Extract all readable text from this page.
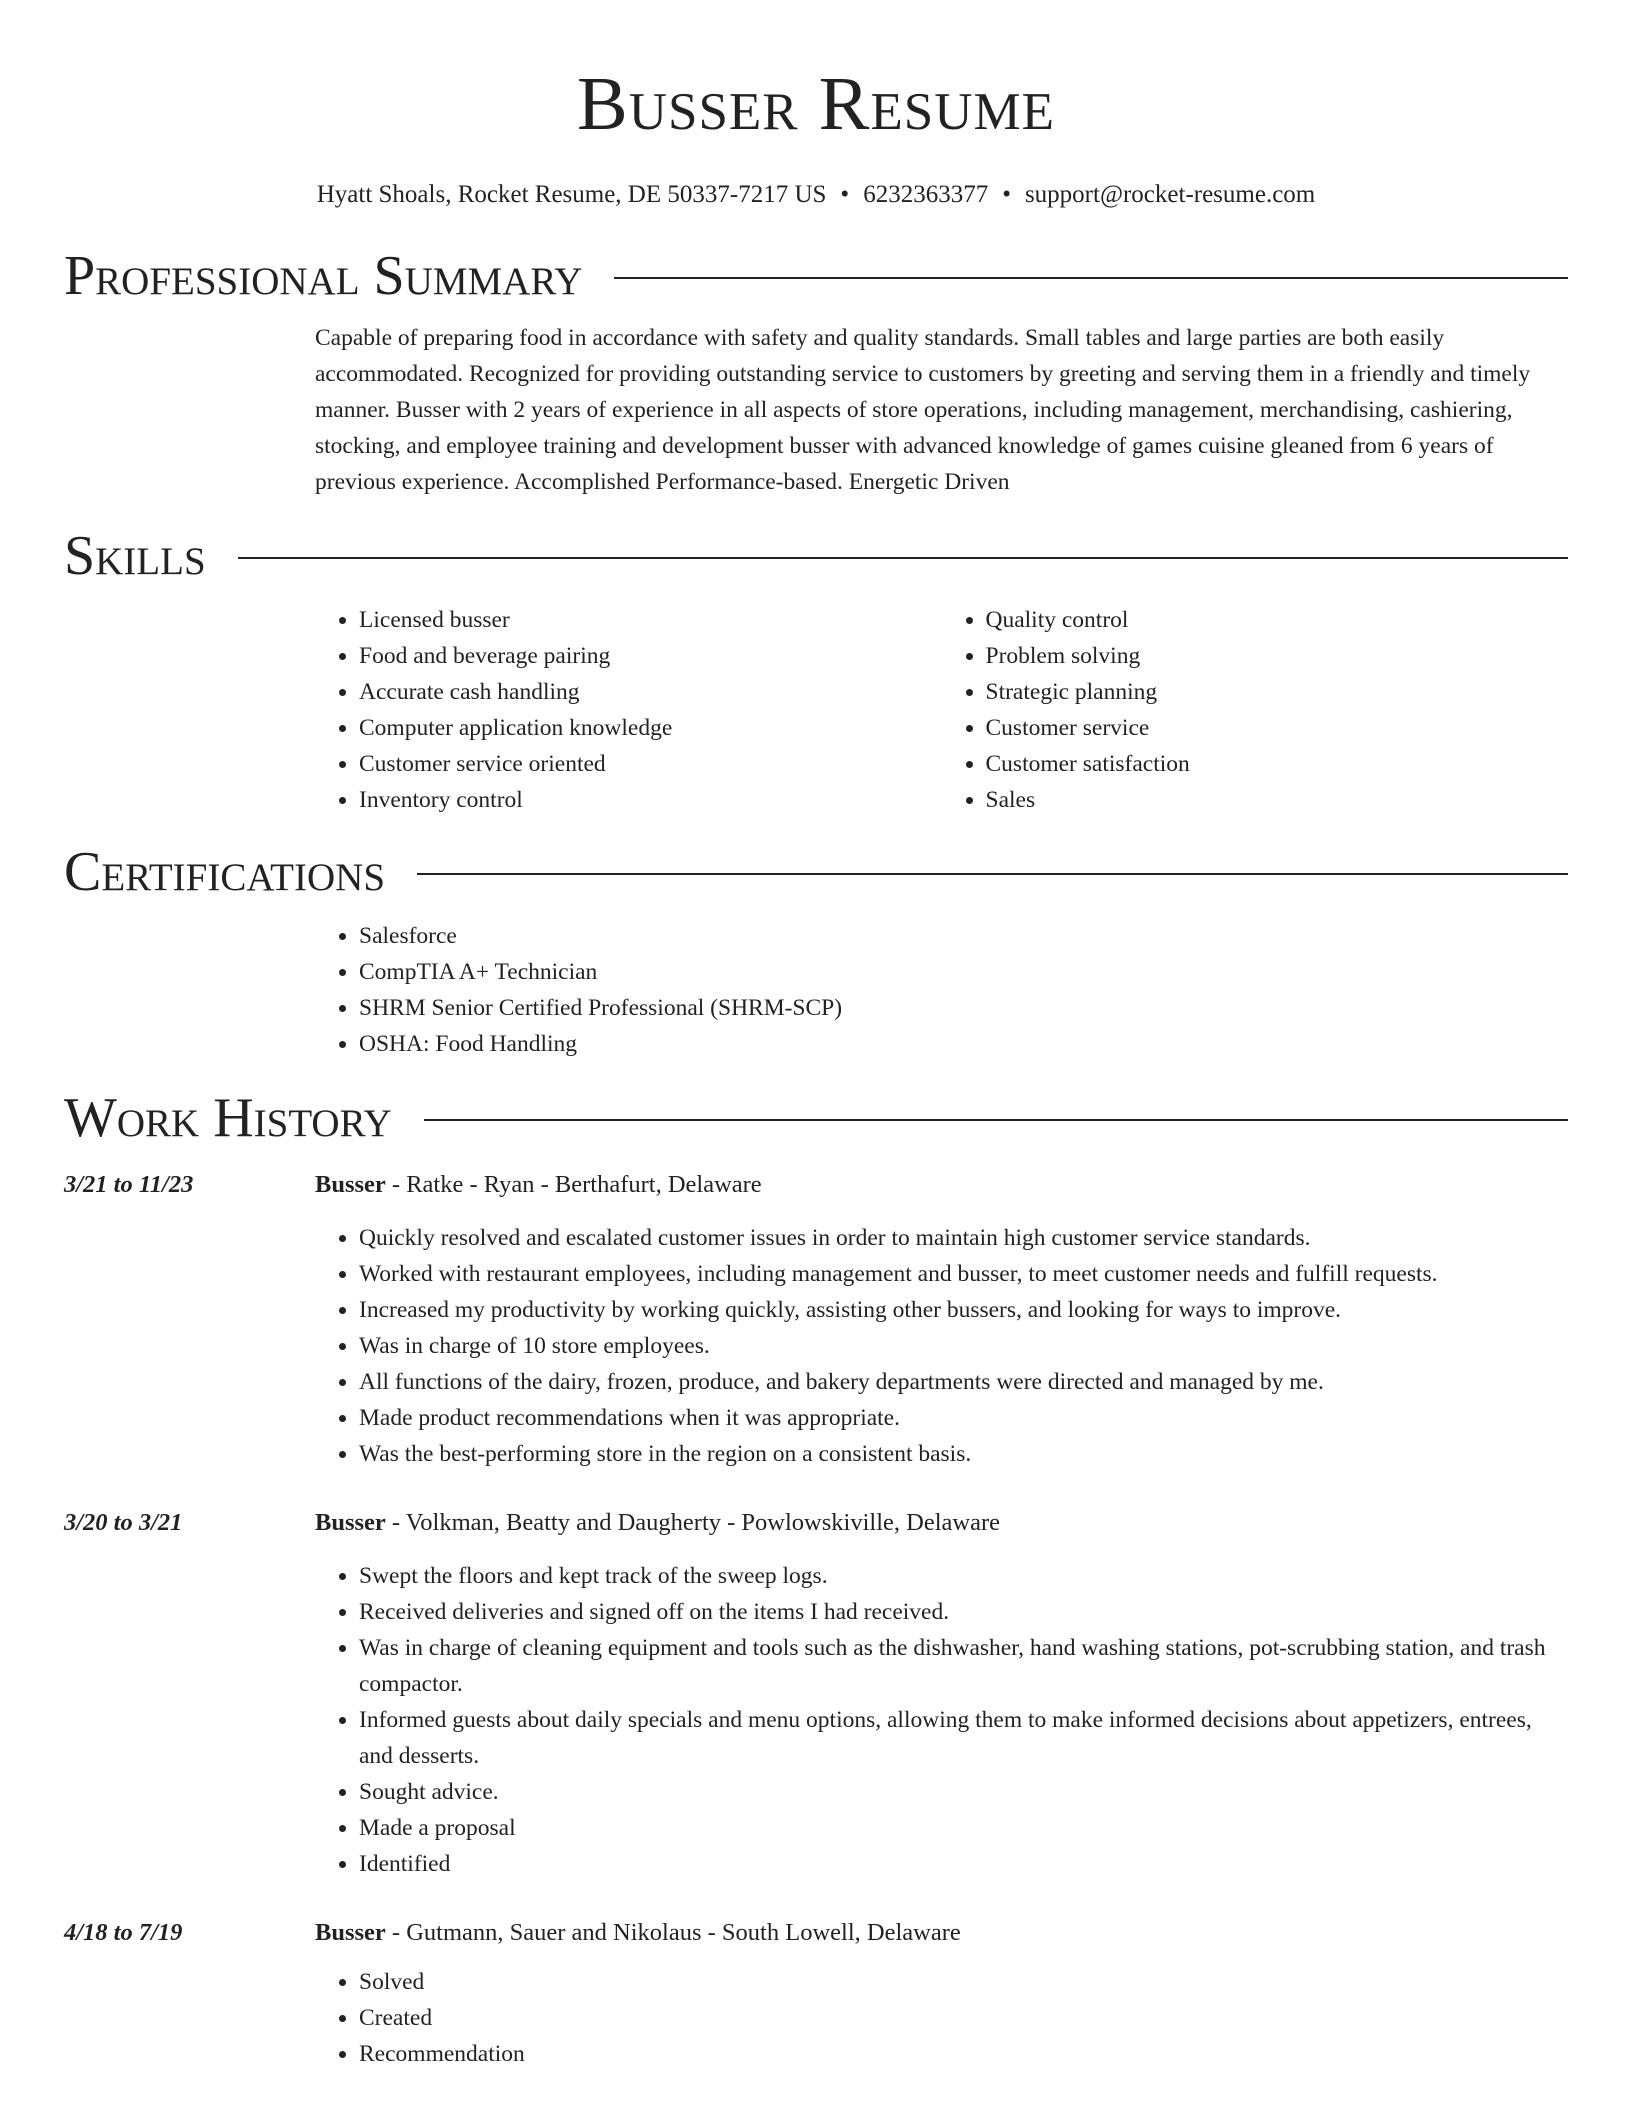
Busser Resume
Hyatt Shoals, Rocket Resume, DE 50337-7217 US • 6232363377 • support@rocket-resume.com
Professional Summary

Capable of preparing food in accordance with safety and quality standards. Small tables and large parties are both easily accommodated. Recognized for providing outstanding service to customers by greeting and serving them in a friendly and timely manner. Busser with 2 years of experience in all aspects of store operations, including management, merchandising, cashiering, stocking, and employee training and development busser with advanced knowledge of games cuisine gleaned from 6 years of previous experience. Accomplished Performance-based. Energetic Driven

Skills
• Licensed busser
• Food and beverage pairing
• Accurate cash handling
• Computer application knowledge
• Customer service oriented
• Inventory control
• Quality control
• Problem solving
• Strategic planning
• Customer service
• Customer satisfaction
• Sales
Certifications
• Salesforce
• CompTIA A+ Technician
• SHRM Senior Certified Professional (SHRM-SCP)
• OSHA: Food Handling
Work History
3/21 to 11/23	Busser - Ratke - Ryan - Berthafurt, Delaware
• Quickly resolved and escalated customer issues in order to maintain high customer service standards.
• Worked with restaurant employees, including management and busser, to meet customer needs and fulfill requests.
• Increased my productivity by working quickly, assisting other bussers, and looking for ways to improve.
• Was in charge of 10 store employees.
• All functions of the dairy, frozen, produce, and bakery departments were directed and managed by me.
• Made product recommendations when it was appropriate.
• Was the best-performing store in the region on a consistent basis.
3/20 to 3/21	Busser - Volkman, Beatty and Daugherty - Powlowskiville, Delaware
• Swept the floors and kept track of the sweep logs.
• Received deliveries and signed off on the items I had received.
• Was in charge of cleaning equipment and tools such as the dishwasher, hand washing stations, pot-scrubbing station, and trash compactor.
• Informed guests about daily specials and menu options, allowing them to make informed decisions about appetizers, entrees, and desserts.
• Sought advice.
• Made a proposal
• Identified
4/18 to 7/19	Busser - Gutmann, Sauer and Nikolaus - South Lowell, Delaware
• Solved
• Created
• Recommendation
